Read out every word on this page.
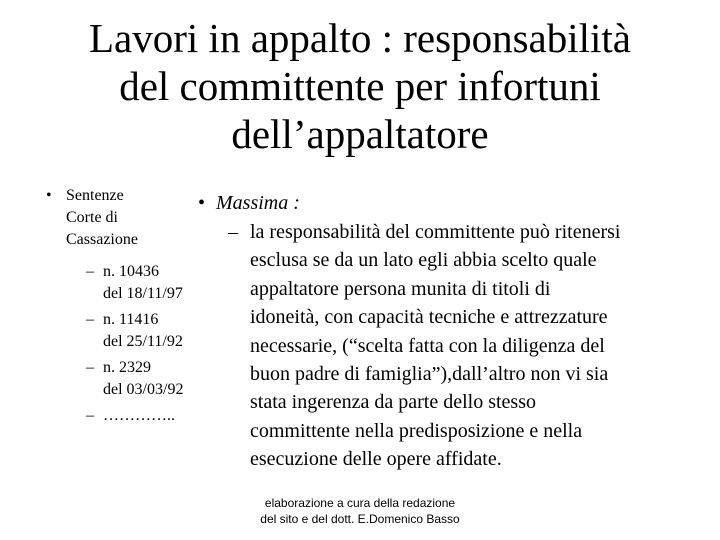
Lavori in appalto : responsabilità
del committente per infortuni
dell’appaltatore
• Sentenze
Corte di
Cassazione
– n. 10436
del 18/11/97
– n. 11416
del 25/11/92
– n. 2329
del 03/03/92
– …………..
• Massima :
– la responsabilità del committente può ritenersi
esclusa se da un lato egli abbia scelto quale
appaltatore persona munita di titoli di
idoneità, con capacità tecniche e attrezzature
necessarie, (“scelta fatta con la diligenza del
buon padre di famiglia”),dall’altro non vi sia
stata ingerenza da parte dello stesso
committente nella predisposizione e nella
esecuzione delle opere affidate.
elaborazione a cura della redazione
del sito e del dott. E.Domenico Basso
